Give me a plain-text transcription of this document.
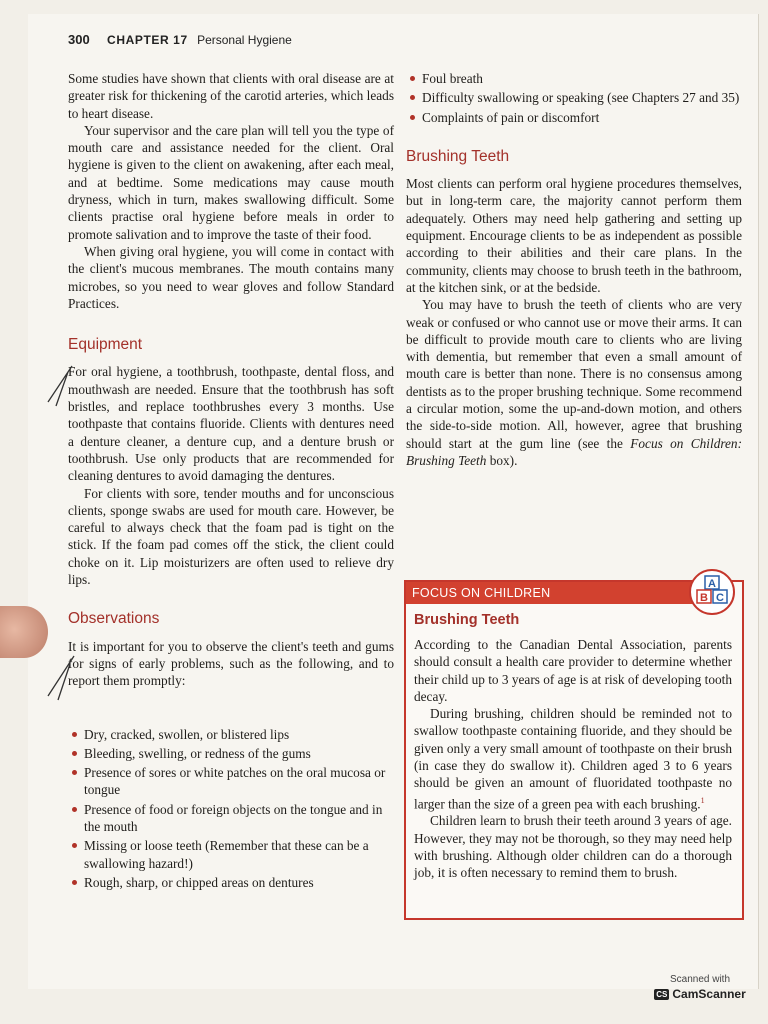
300 CHAPTER 17 Personal Hygiene

Some studies have shown that clients with oral disease are at greater risk for thickening of the carotid arteries, which leads to heart disease.

Your supervisor and the care plan will tell you the type of mouth care and assistance needed for the client. Oral hygiene is given to the client on awakening, after each meal, and at bedtime. Some medications may cause mouth dryness, which in turn, makes swallowing difficult. Some clients practise oral hygiene before meals in order to promote salivation and to improve the taste of their food.

When giving oral hygiene, you will come in contact with the client's mucous membranes. The mouth contains many microbes, so you need to wear gloves and follow Standard Practices.

Equipment

For oral hygiene, a toothbrush, toothpaste, dental floss, and mouthwash are needed. Ensure that the toothbrush has soft bristles, and replace toothbrushes every 3 months. Use toothpaste that contains fluoride. Clients with dentures need a denture cleaner, a denture cup, and a denture brush or toothbrush. Use only products that are recommended for cleaning dentures to avoid damaging the dentures.

For clients with sore, tender mouths and for unconscious clients, sponge swabs are used for mouth care. However, be careful to always check that the foam pad is tight on the stick. If the foam pad comes off the stick, the client could choke on it. Lip moisturizers are often used to relieve dry lips.

Observations

It is important for you to observe the client's teeth and gums for signs of early problems, such as the following, and to report them promptly:

Dry, cracked, swollen, or blistered lips
Bleeding, swelling, or redness of the gums
Presence of sores or white patches on the oral mucosa or tongue
Presence of food or foreign objects on the tongue and in the mouth
Missing or loose teeth (Remember that these can be a swallowing hazard!)
Rough, sharp, or chipped areas on dentures
Foul breath
Difficulty swallowing or speaking (see Chapters 27 and 35)
Complaints of pain or discomfort
Brushing Teeth

Most clients can perform oral hygiene procedures themselves, but in long-term care, the majority cannot perform them adequately. Others may need help gathering and setting up equipment. Encourage clients to be as independent as possible according to their abilities and their care plans. In the community, clients may choose to brush teeth in the bathroom, at the kitchen sink, or at the bedside.

You may have to brush the teeth of clients who are very weak or confused or who cannot use or move their arms. It can be difficult to provide mouth care to clients who are living with dementia, but remember that even a small amount of mouth care is better than none. There is no consensus among dentists as to the proper brushing technique. Some recommend a circular motion, some the up-and-down motion, and others the side-to-side motion. All, however, agree that brushing should start at the gum line (see the Focus on Children: Brushing Teeth box).

FOCUS ON CHILDREN
A
B C
Brushing Teeth

According to the Canadian Dental Association, parents should consult a health care provider to determine whether their child up to 3 years of age is at risk of developing tooth decay.

During brushing, children should be reminded not to swallow toothpaste containing fluoride, and they should be given only a very small amount of toothpaste on their brush (in case they do swallow it). Children aged 3 to 6 years should be given an amount of fluoridated toothpaste no larger than the size of a green pea with each brushing.$^1$

Children learn to brush their teeth around 3 years of age. However, they may not be thorough, so they may need help with brushing. Although older children can do a thorough job, it is often necessary to remind them to brush.

Scanned with
CS CamScanner
